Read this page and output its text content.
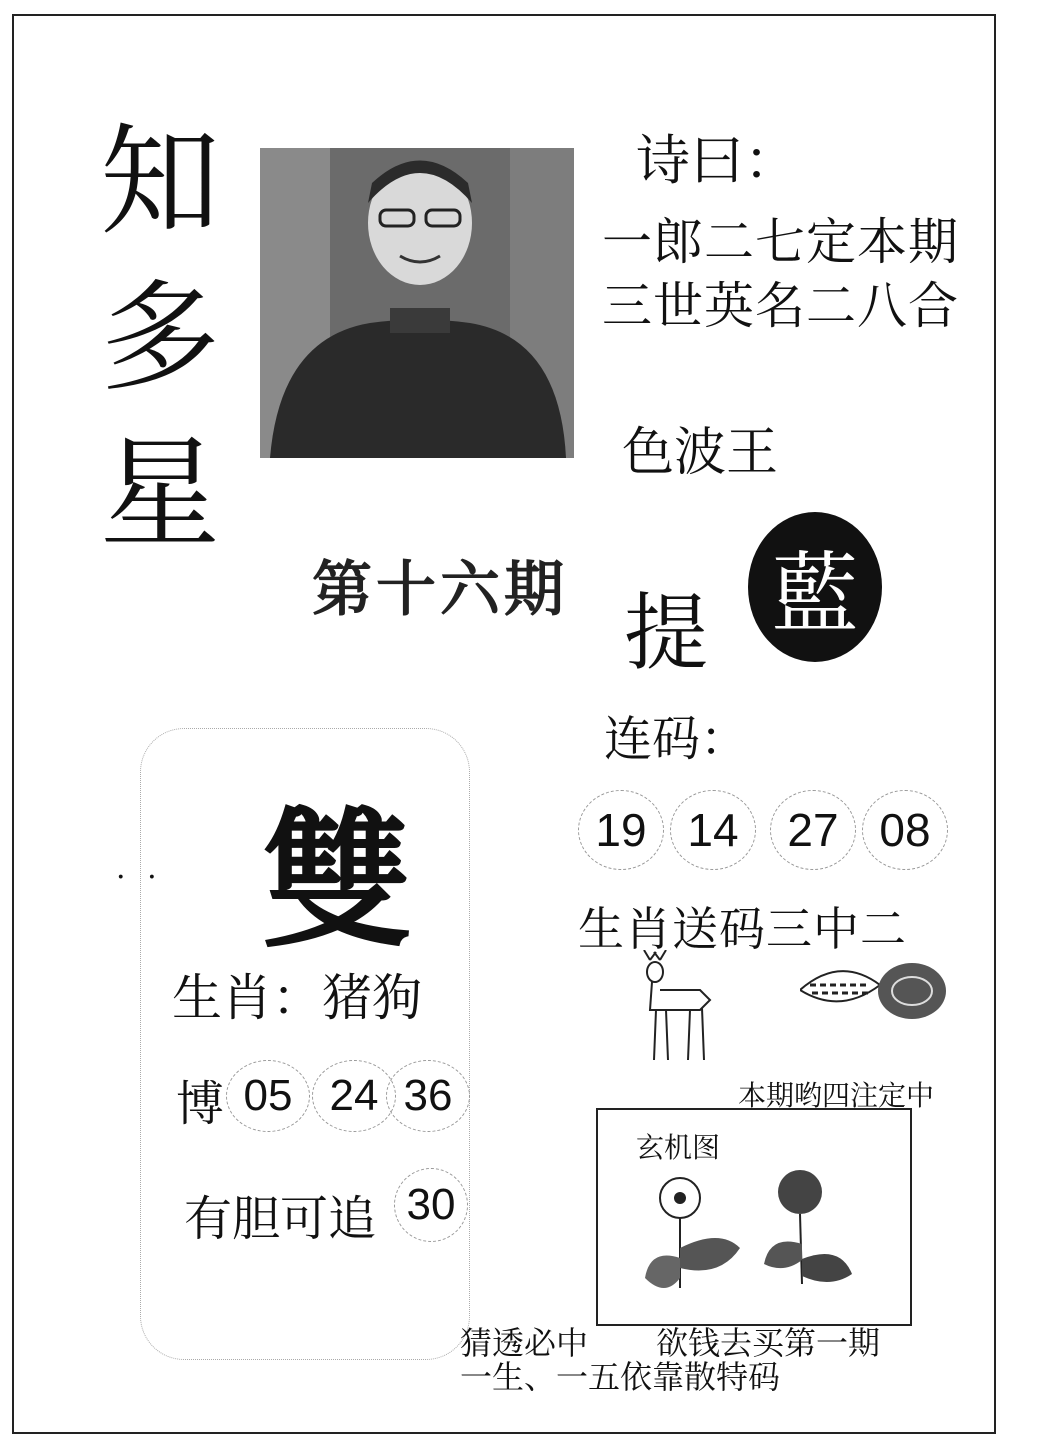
知
多
星
第十六期
诗曰：
一郎二七定本期
三世英名二八合
色波王
提 藍
连码：
19 14	27 08
生肖送码三中二
本期哟四注定中
玄机图
· · 雙
生肖：猪狗
博 05 24 36
有胆可追 30
猜透必中 欲钱去买第一期
一生、一五依靠散特码
